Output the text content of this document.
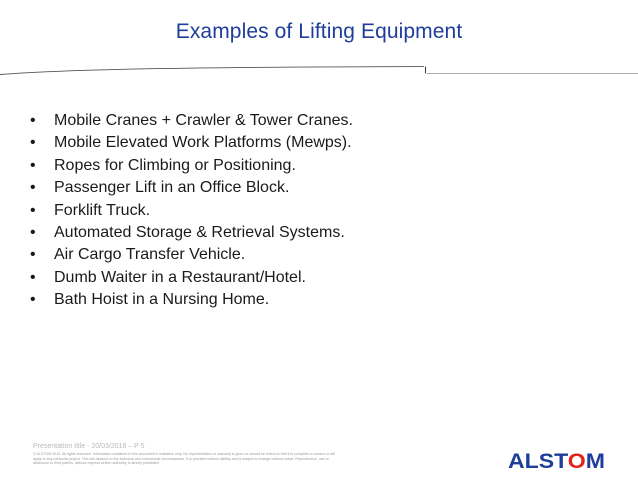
Examples of Lifting Equipment
•	Mobile Cranes + Crawler & Tower Cranes.
•	Mobile Elevated Work Platforms (Mewps).
•	Ropes for Climbing or Positioning.
•	Passenger Lift in an Office Block.
•	Forklift Truck.
•	Automated Storage & Retrieval Systems.
•	Air Cargo Transfer Vehicle.
•	Dumb Waiter in a Restaurant/Hotel.
•	Bath Hoist in a Nursing Home.
Presentation title - 20/03/2016 – P 5
© ALSTOM 2013. All rights reserved. Information contained in this document is indicative only. No representation or warranty is given or should be relied on that it is complete or correct or will apply to any particular project. This will depend on the technical and commercial circumstances. It is provided without liability and is subject to change without notice. Reproduction, use or disclosure to third parties, without express written authority, is strictly prohibited.	ALST OM
